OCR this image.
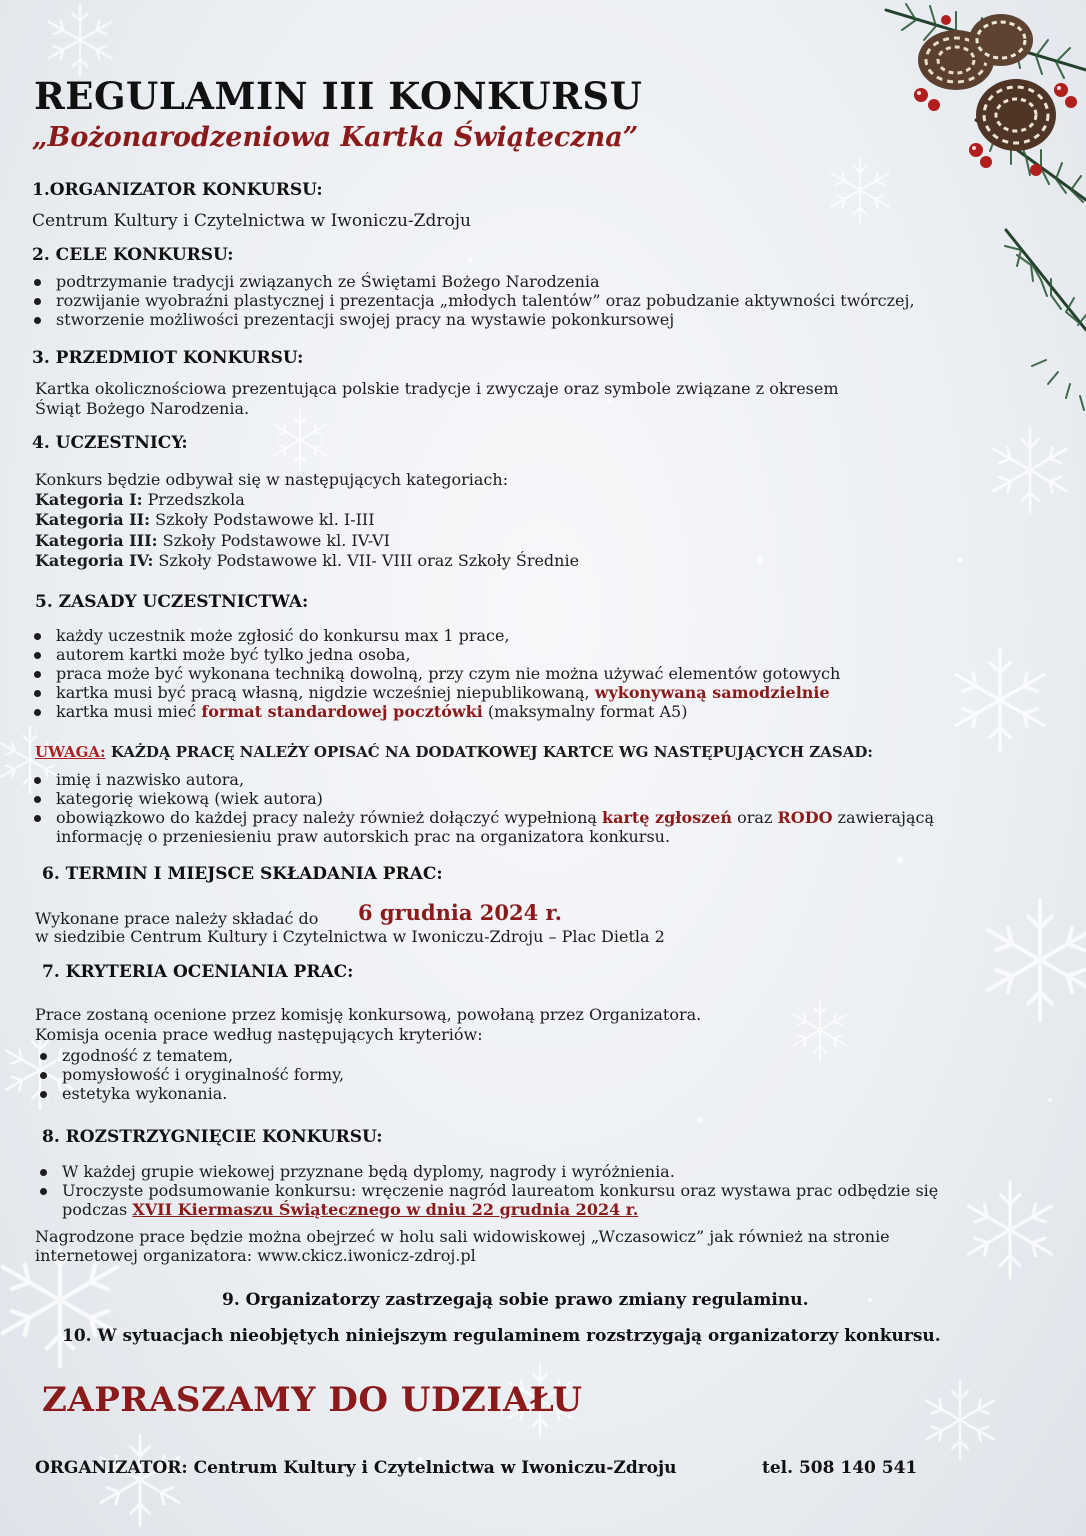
REGULAMIN III KONKURSU
„Bożonarodzeniowa Kartka Świąteczna”
1.ORGANIZATOR KONKURSU:
Centrum Kultury i Czytelnictwa w Iwoniczu-Zdroju
2. CELE KONKURSU:
podtrzymanie tradycji związanych ze Świętami Bożego Narodzenia
rozwijanie wyobraźni plastycznej i prezentacja „młodych talentów” oraz pobudzanie aktywności twórczej,
stworzenie możliwości prezentacji swojej pracy na wystawie pokonkursowej
3. PRZEDMIOT KONKURSU:
Kartka okolicznościowa prezentująca polskie tradycje i zwyczaje oraz symbole związane z okresem
Świąt Bożego Narodzenia.
4. UCZESTNICY:
Konkurs będzie odbywał się w następujących kategoriach:
Kategoria I: Przedszkola
Kategoria II: Szkoły Podstawowe kl. I-III
Kategoria III: Szkoły Podstawowe kl. IV-VI
Kategoria IV: Szkoły Podstawowe kl. VII- VIII oraz Szkoły Średnie
5. ZASADY UCZESTNICTWA:
każdy uczestnik może zgłosić do konkursu max 1 prace,
autorem kartki może być tylko jedna osoba,
praca może być wykonana techniką dowolną, przy czym nie można używać elementów gotowych
kartka musi być pracą własną, nigdzie wcześniej niepublikowaną, wykonywaną samodzielnie
kartka musi mieć format standardowej pocztówki (maksymalny format A5)
UWAGA: KAŻDĄ PRACĘ NALEŻY OPISAĆ NA DODATKOWEJ KARTCE WG NASTĘPUJĄCYCH ZASAD:
imię i nazwisko autora,
kategorię wiekową (wiek autora)
obowiązkowo do każdej pracy należy również dołączyć wypełnioną kartę zgłoszeń oraz RODO zawierającą
informację o przeniesieniu praw autorskich prac na organizatora konkursu.
6. TERMIN I MIEJSCE SKŁADANIA PRAC:
Wykonane prace należy składać do 6 grudnia 2024 r.
w siedzibie Centrum Kultury i Czytelnictwa w Iwoniczu-Zdroju – Plac Dietla 2
7. KRYTERIA OCENIANIA PRAC:
Prace zostaną ocenione przez komisję konkursową, powołaną przez Organizatora.
Komisja ocenia prace według następujących kryteriów:
zgodność z tematem,
pomysłowość i oryginalność formy,
estetyka wykonania.
8. ROZSTRZYGNIĘCIE KONKURSU:
W każdej grupie wiekowej przyznane będą dyplomy, nagrody i wyróżnienia.
Uroczyste podsumowanie konkursu: wręczenie nagród laureatom konkursu oraz wystawa prac odbędzie się
podczas XVII Kiermaszu Świątecznego w dniu 22 grudnia 2024 r.
Nagrodzone prace będzie można obejrzeć w holu sali widowiskowej „Wczasowicz” jak również na stronie
internetowej organizatora: www.ckicz.iwonicz-zdroj.pl
9. Organizatorzy zastrzegają sobie prawo zmiany regulaminu.
10. W sytuacjach nieobjętych niniejszym regulaminem rozstrzygają organizatorzy konkursu.
ZAPRASZAMY DO UDZIAŁU
ORGANIZATOR: Centrum Kultury i Czytelnictwa w Iwoniczu-Zdroju	tel. 508 140 541
